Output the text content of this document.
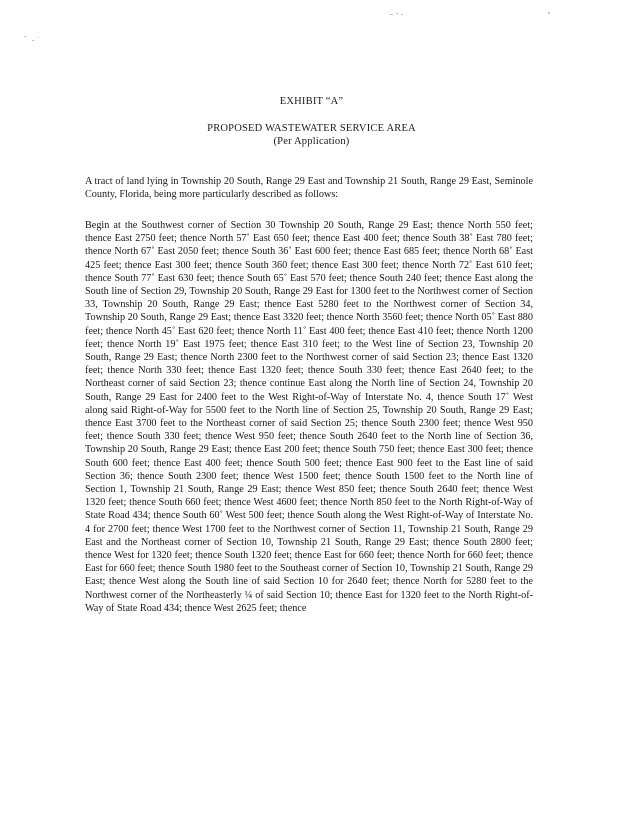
EXHIBIT “A”
PROPOSED WASTEWATER SERVICE AREA
(Per Application)
A tract of land lying in Township 20 South, Range 29 East and Township 21 South, Range 29 East, Seminole County, Florida, being more particularly described as follows:
Begin at the Southwest corner of Section 30 Township 20 South, Range 29 East; thence North 550 feet; thence East 2750 feet; thence North 57˚ East 650 feet; thence East 400 feet; thence South 38˚ East 780 feet; thence North 67˚ East 2050 feet; thence South 36˚ East 600 feet; thence East 685 feet; thence North 68˚ East 425 feet; thence East 300 feet; thence South 360 feet; thence East 300 feet; thence North 72˚ East 610 feet; thence South 77˚ East 630 feet; thence South 65˚ East 570 feet; thence South 240 feet; thence East along the South line of Section 29, Township 20 South, Range 29 East for 1300 feet to the Northwest corner of Section 33, Township 20 South, Range 29 East; thence East 5280 feet to the Northwest corner of Section 34, Township 20 South, Range 29 East; thence East 3320 feet; thence North 3560 feet; thence North 05˚ East 880 feet; thence North 45˚ East 620 feet; thence North 11˚ East 400 feet; thence East 410 feet; thence North 1200 feet; thence North 19˚ East 1975 feet; thence East 310 feet; to the West line of Section 23, Township 20 South, Range 29 East; thence North 2300 feet to the Northwest corner of said Section 23; thence East 1320 feet; thence North 330 feet; thence East 1320 feet; thence South 330 feet; thence East 2640 feet; to the Northeast corner of said Section 23; thence continue East along the North line of Section 24, Township 20 South, Range 29 East for 2400 feet to the West Right-of-Way of Interstate No. 4, thence South 17˚ West along said Right-of-Way for 5500 feet to the North line of Section 25, Township 20 South, Range 29 East; thence East 3700 feet to the Northeast corner of said Section 25; thence South 2300 feet; thence West 950 feet; thence South 330 feet; thence West 950 feet; thence South 2640 feet to the North line of Section 36, Township 20 South, Range 29 East; thence East 200 feet; thence South 750 feet; thence East 300 feet; thence South 600 feet; thence East 400 feet; thence South 500 feet; thence East 900 feet to the East line of said Section 36; thence South 2300 feet; thence West 1500 feet; thence South 1500 feet to the North line of Section 1, Township 21 South, Range 29 East; thence West 850 feet; thence South 2640 feet; thence West 1320 feet; thence South 660 feet; thence West 4600 feet; thence North 850 feet to the North Right-of-Way of State Road 434; thence South 60˚ West 500 feet; thence South along the West Right-of-Way of Interstate No. 4 for 2700 feet; thence West 1700 feet to the Northwest corner of Section 11, Township 21 South, Range 29 East and the Northeast corner of Section 10, Township 21 South, Range 29 East; thence South 2800 feet; thence West for 1320 feet; thence South 1320 feet; thence East for 660 feet; thence North for 660 feet; thence East for 660 feet; thence South 1980 feet to the Southeast corner of Section 10, Township 21 South, Range 29 East; thence West along the South line of said Section 10 for 2640 feet; thence North for 5280 feet to the Northwest corner of the Northeasterly ¼ of said Section 10; thence East for 1320 feet to the North Right-of-Way of State Road 434; thence West 2625 feet; thence
